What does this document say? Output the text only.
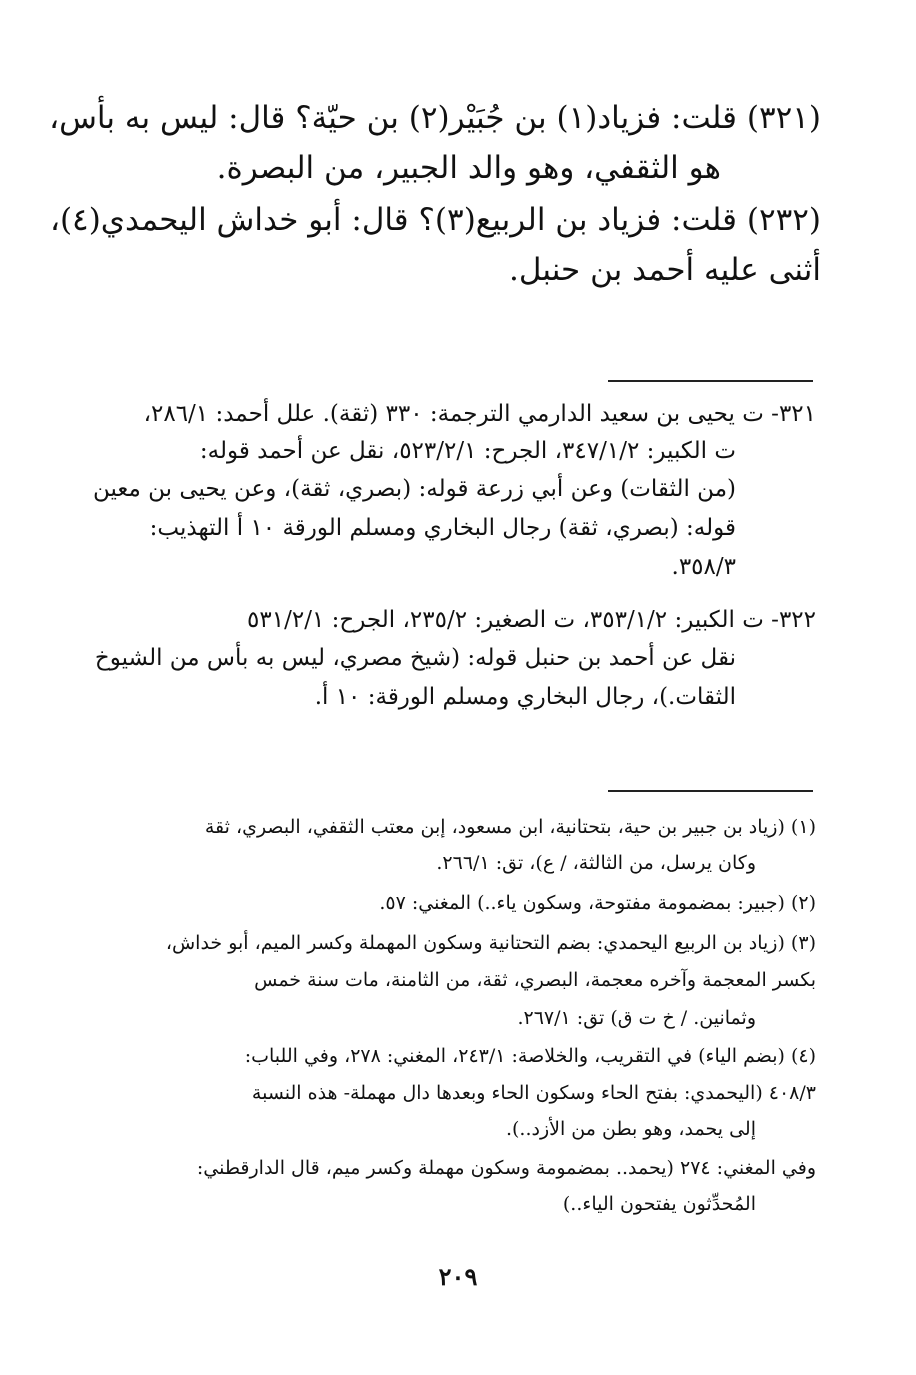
(٣٢١) قلت: فزياد(١) بن جُبَيْر(٢) بن حيّة؟ قال: ليس به بأس،
هو الثقفي، وهو والد الجبير، من البصرة.
(٢٣٢) قلت: فزياد بن الربيع(٣)؟ قال: أبو خداش اليحمدي(٤)،
أثنى عليه أحمد بن حنبل.
٣٢١- ت يحيى بن سعيد الدارمي الترجمة: ٣٣٠ (ثقة). علل أحمد: ٢٨٦/١،
ت الكبير: ٣٤٧/١/٢، الجرح: ٥٢٣/٢/١، نقل عن أحمد قوله:
(من الثقات) وعن أبي زرعة قوله: (بصري، ثقة)، وعن يحيى بن معين
قوله: (بصري، ثقة) رجال البخاري ومسلم الورقة ١٠ أ التهذيب:
٣٥٨/٣.
٣٢٢- ت الكبير: ٣٥٣/١/٢، ت الصغير: ٢٣٥/٢، الجرح: ٥٣١/٢/١
نقل عن أحمد بن حنبل قوله: (شيخ مصري، ليس به بأس من الشيوخ
الثقات.)، رجال البخاري ومسلم الورقة: ١٠ أ.
(١) (زياد بن جبير بن حية، بتحتانية، ابن مسعود، إبن معتب الثقفي، البصري، ثقة
وكان يرسل، من الثالثة، / ع)، تق: ٢٦٦/١.
(٢) (جبير: بمضمومة مفتوحة، وسكون ياء..) المغني: ٥٧.
(٣) (زياد بن الربيع اليحمدي: بضم التحتانية وسكون المهملة وكسر الميم، أبو خداش،
بكسر المعجمة وآخره معجمة، البصري، ثقة، من الثامنة، مات سنة خمس
وثمانين. / خ ت ق) تق: ٢٦٧/١.
(٤) (بضم الياء) في التقريب، والخلاصة: ٢٤٣/١، المغني: ٢٧٨، وفي اللباب:
٤٠٨/٣ (اليحمدي: بفتح الحاء وسكون الحاء وبعدها دال مهملة- هذه النسبة
إلى يحمد، وهو بطن من الأزد..).
وفي المغني: ٢٧٤ (يحمد.. بمضمومة وسكون مهملة وكسر ميم، قال الدارقطني:
المُحدِّثون يفتحون الياء..)
٢٠٩
